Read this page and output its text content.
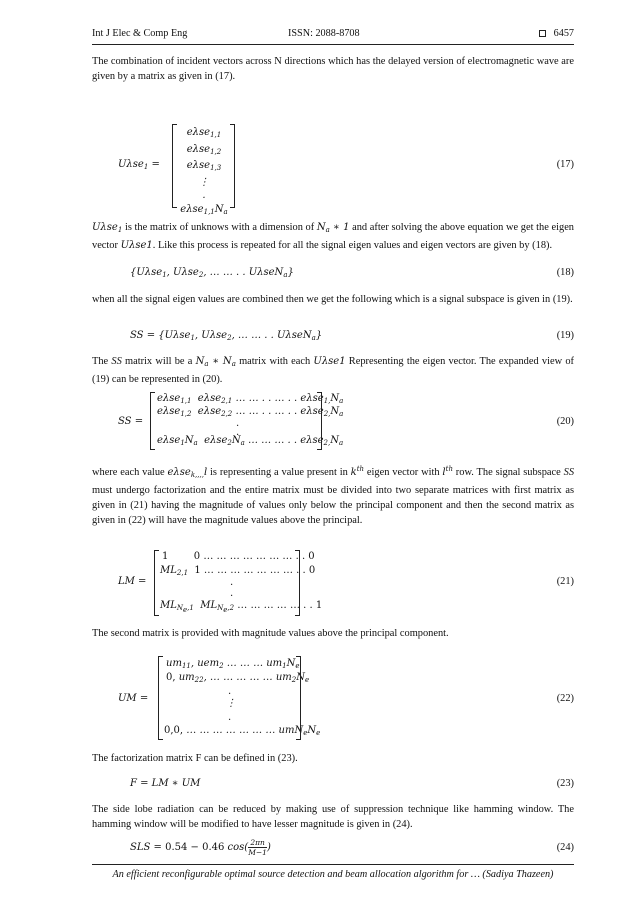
Int J Elec & Comp Eng	ISSN: 2088-8708	6457
The combination of incident vectors across N directions which has the delayed version of electromagnetic wave are given by a matrix as given in (17).
Uλse$_1$ =
eλse$_{1,1}$
eλse$_{1,2}$
eλse$_{1,3}$
⋮
.
$e\lambda se_{1,1}N_a$
(17)
Uλse$_1$ is the matrix of unknows with a dimension of $N_a$ ∗ 1 and after solving the above equation we get the eigen vector Uλse1. Like this process is repeated for all the signal eigen values and eigen vectors are given by (18).
{Uλse$_1$, Uλse$_2$, … … . . UλseN$_a$}	(18)
when all the signal eigen values are combined then we get the following which is a signal subspace is given in (19).
SS = {Uλse$_1$, Uλse$_2$, … … . . UλseN$_a$}	(19)
The SS matrix will be a $N_a$ ∗ $N_a$ matrix with each Uλse1 Representing the eigen vector. The expanded view of (19) can be represented in (20).
SS =
eλse$_{1,1}$  eλse$_{2,1}$ … … . . … . . $e\lambda se_{1,}N_a$
eλse$_{1,2}$  eλse$_{2,2}$ … … . . … . . $e\lambda se_{2,}N_a$
.
.
$e\lambda se_1N_a$  $e\lambda se_2N_a$ … … … . . $e\lambda se_{2,}N_a$
(20)
where each value eλse$_{k,,,,}$l is representing a value present in $k^{th}$ eigen vector with $l^{th}$ row. The signal subspace SS must undergo factorization and the entire matrix must be divided into two separate matrices with first matrix as given in (21) having the magnitude of values only below the principal component and then the second matrix as given in (22) will have the magnitude values above the principal.
LM =
1        0 … … … … … … … . . 0
$ML_{2,1}$ 1 … … … … … … … . . 0
.
.
$ML_{N_e,1}$  $ML_{N_e,2}$ … … … … … . . 1
(21)
The second matrix is provided with magnitude values above the principal component.
UM =
$um_{11}$, uem$_2$ … … … $um_1N_e$
0, $um_{22}$, … … … … … $um_2N_e$
.
⋮
.
0,0, … … … … … … … $umN_eN_e$
(22)
The factorization matrix F can be defined in (23).
F = LM ∗ UM	(23)
The side lobe radiation can be reduced by making use of suppression technique like hamming window. The hamming window will be modified to have lesser magnitude is given in (24).
SLS = 0.54 − 0.46 $\cos( \frac{2\pi n}{M-1}$ )	(24)
An efficient reconfigurable optimal source detection and beam allocation algorithm for … (Sadiya Thazeen)
